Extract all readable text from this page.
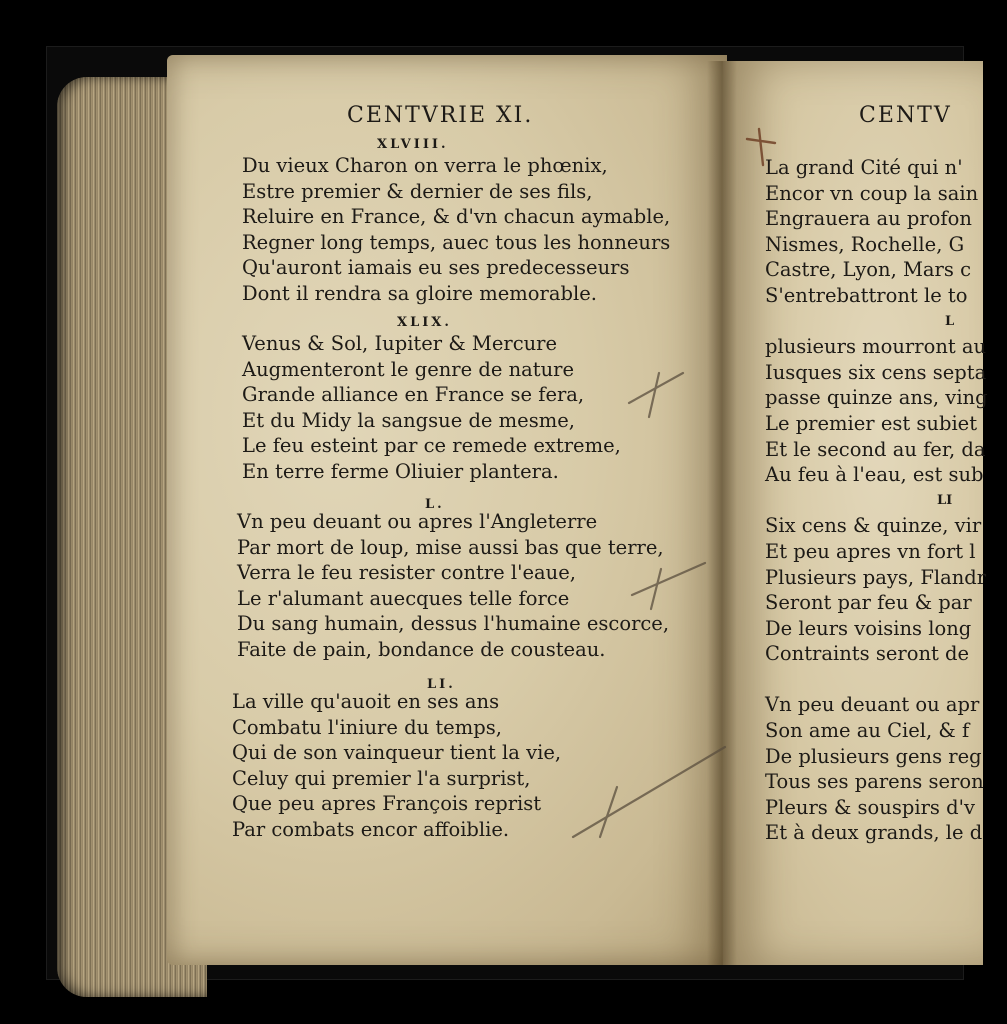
CENTVRIE XI.
XLVIII.
Du vieux Charon on verra le phœnix,
Estre premier & dernier de ses fils,
Reluire en France, & d'vn chacun aymable,
Regner long temps, auec tous les honneurs
Qu'auront iamais eu ses predecesseurs
Dont il rendra sa gloire memorable.
XLIX.
Venus & Sol, Iupiter & Mercure
Augmenteront le genre de nature
Grande alliance en France se fera,
Et du Midy la sangsue de mesme,
Le feu esteint par ce remede extreme,
En terre ferme Oliuier plantera.
L.
Vn peu deuant ou apres l'Angleterre
Par mort de loup, mise aussi bas que terre,
Verra le feu resister contre l'eaue,
Le r'alumant auecques telle force
Du sang humain, dessus l'humaine escorce,
Faite de pain, bondance de cousteau.
LI.
La ville qu'auoit en ses ans
Combatu l'iniure du temps,
Qui de son vainqueur tient la vie,
Celuy qui premier l'a surprist,
Que peu apres François reprist
Par combats encor affoiblie.
CENTV
La grand Cité qui n'
Encor vn coup la sain
Engrauera au profon
Nismes, Rochelle, G
Castre, Lyon, Mars c
S'entrebattront le to
L
plusieurs mourront au
Iusques six cens septa
passe quinze ans, ving
Le premier est subiet
Et le second au fer, da
Au feu à l'eau, est sub
LI
Six cens & quinze, vir
Et peu apres vn fort l
Plusieurs pays, Flandr
Seront par feu & par
De leurs voisins long
Contraints seront de
Vn peu deuant ou apr
Son ame au Ciel, & f
De plusieurs gens reg
Tous ses parens seron
Pleurs & souspirs d'v
Et à deux grands, le d
